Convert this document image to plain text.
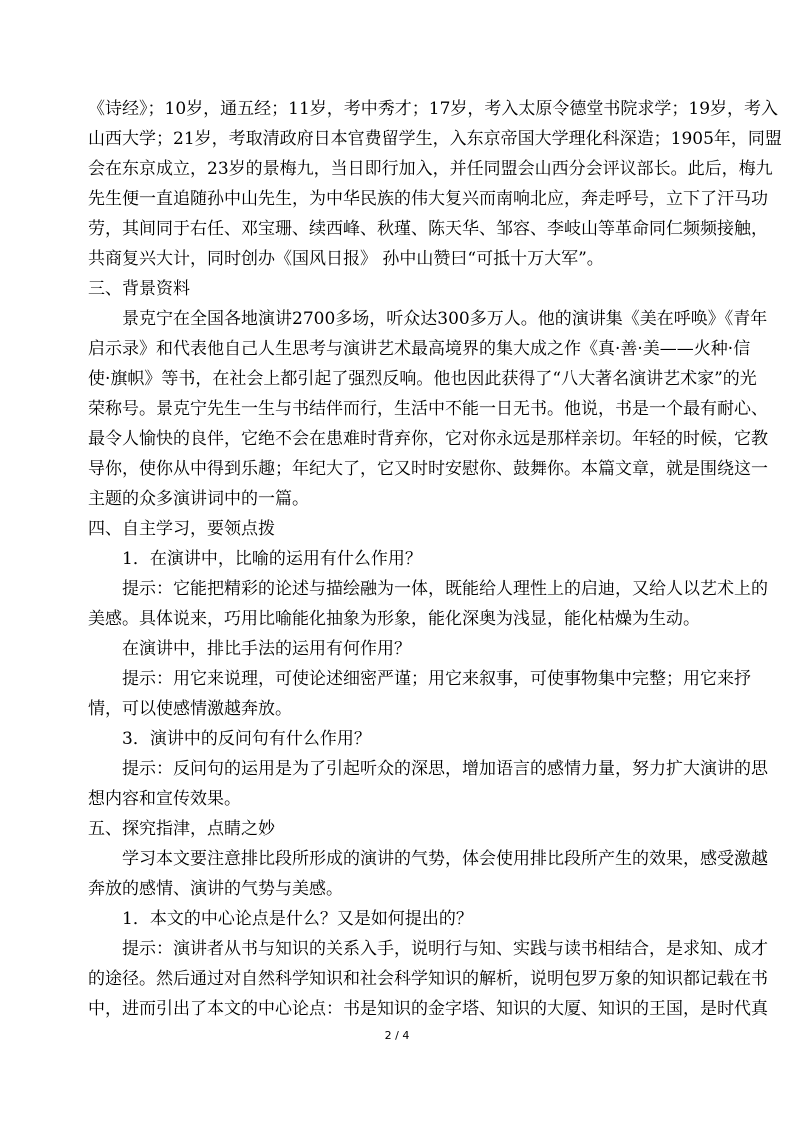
《诗经》；10岁，通五经；11岁，考中秀才；17岁，考入太原令德堂书院求学；19岁，考入
山西大学；21岁，考取清政府日本官费留学生，入东京帝国大学理化科深造；1905年，同盟
会在东京成立，23岁的景梅九，当日即行加入，并任同盟会山西分会评议部长。此后，梅九
先生便一直追随孙中山先生，为中华民族的伟大复兴而南响北应，奔走呼号，立下了汗马功
劳，其间同于右任、邓宝珊、续西峰、秋瑾、陈天华、邹容、李岐山等革命同仁频频接触，
共商复兴大计，同时创办《国风日报》 孙中山赞曰“可抵十万大军”。
三、背景资料
景克宁在全国各地演讲2700多场，听众达300多万人。他的演讲集《美在呼唤》《青年
启示录》和代表他自己人生思考与演讲艺术最高境界的集大成之作《真·善·美——火种·信
使·旗帜》等书，在社会上都引起了强烈反响。他也因此获得了“八大著名演讲艺术家”的光
荣称号。景克宁先生一生与书结伴而行，生活中不能一日无书。他说，书是一个最有耐心、
最令人愉快的良伴，它绝不会在患难时背弃你，它对你永远是那样亲切。年轻的时候，它教
导你，使你从中得到乐趣；年纪大了，它又时时安慰你、鼓舞你。本篇文章，就是围绕这一
主题的众多演讲词中的一篇。
四、自主学习，要领点拨
1．在演讲中，比喻的运用有什么作用？
提示：它能把精彩的论述与描绘融为一体，既能给人理性上的启迪，又给人以艺术上的
美感。具体说来，巧用比喻能化抽象为形象，能化深奥为浅显，能化枯燥为生动。
在演讲中，排比手法的运用有何作用？
提示：用它来说理，可使论述细密严谨；用它来叙事，可使事物集中完整；用它来抒
情，可以使感情激越奔放。
3．演讲中的反问句有什么作用？
提示：反问句的运用是为了引起听众的深思，增加语言的感情力量，努力扩大演讲的思
想内容和宣传效果。
五、探究指津，点睛之妙
学习本文要注意排比段所形成的演讲的气势，体会使用排比段所产生的效果，感受激越
奔放的感情、演讲的气势与美感。
1．本文的中心论点是什么？又是如何提出的？
提示：演讲者从书与知识的关系入手，说明行与知、实践与读书相结合，是求知、成才
的途径。然后通过对自然科学知识和社会科学知识的解析，说明包罗万象的知识都记载在书
中，进而引出了本文的中心论点：书是知识的金字塔、知识的大厦、知识的王国，是时代真
2 / 4
